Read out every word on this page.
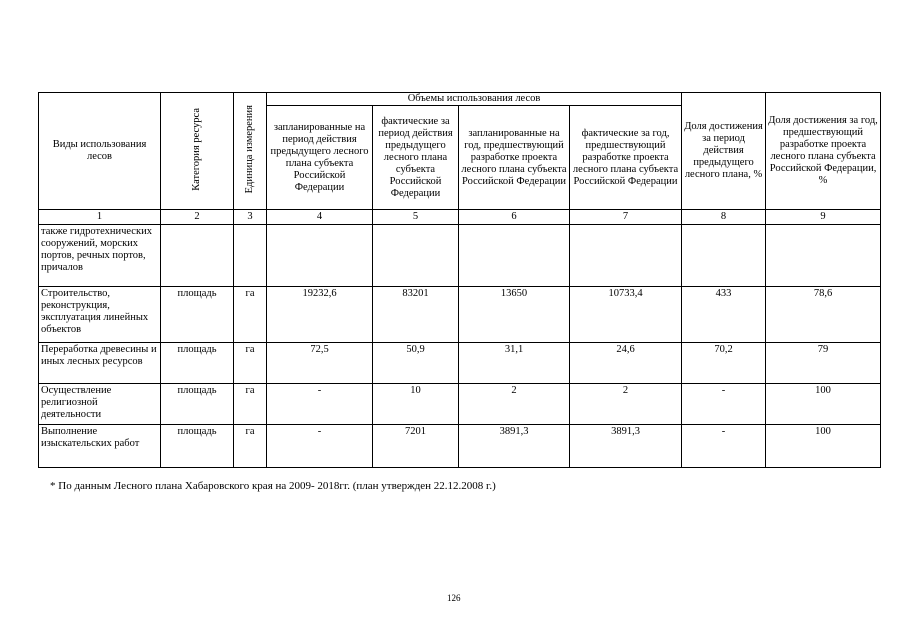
Виды использования лесов	Категория ресурса	Единица измерения	Объемы использования лесов				Доля достижения за период действия предыдущего лесного плана, %	Доля достижения за год, предшествующий разработке проекта лесного плана субъекта Российской Федерации, %
			запланированные на период действия предыдущего лесного плана субъекта Российской Федерации	фактические за период действия предыдущего лесного плана субъекта Российской Федерации	запланированные на год, предшествующий разработке проекта лесного плана субъекта Российской Федерации	фактические за год, предшествующий разработке проекта лесного плана субъекта Российской Федерации		
1	2	3	4	5	6	7	8	9
также гидротехнических сооружений, морских портов, речных портов, причалов								
Строительство, реконструкция, эксплуатация линейных объектов	площадь	га	19232,6	83201	13650	10733,4	433	78,6
Переработка древесины и иных лесных ресурсов	площадь	га	72,5	50,9	31,1	24,6	70,2	79
Осуществление религиозной деятельности	площадь	га	-	10	2	2	-	100
Выполнение изыскательских работ	площадь	га	-	7201	3891,3	3891,3	-	100
* По данным Лесного плана Хабаровского края на 2009- 2018гг. (план утвержден 22.12.2008 г.)
126
